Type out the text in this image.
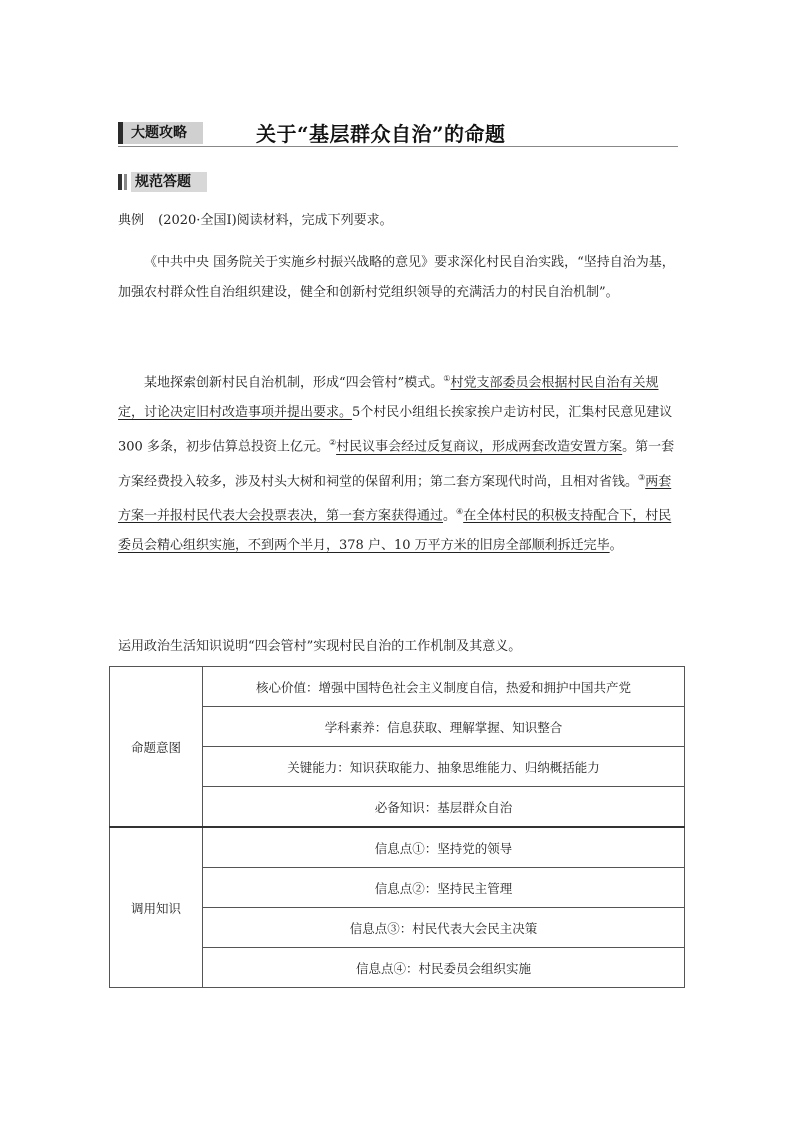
大题攻略	关于“基层群众自治”的命题
规范答题
典例 (2020·全国Ⅰ)阅读材料，完成下列要求。
《中共中央 国务院关于实施乡村振兴战略的意见》要求深化村民自治实践，“坚持自治为基，加强农村群众性自治组织建设，健全和创新村党组织领导的充满活力的村民自治机制”。
某地探索创新村民自治机制，形成“四会管村”模式。①村党支部委员会根据村民自治有关规定，讨论决定旧村改造事项并提出要求。5个村民小组组长挨家挨户走访村民，汇集村民意见建议 300 多条，初步估算总投资上亿元。②村民议事会经过反复商议，形成两套改造安置方案。第一套方案经费投入较多，涉及村头大树和祠堂的保留利用；第二套方案现代时尚，且相对省钱。③两套方案一并报村民代表大会投票表决，第一套方案获得通过。④在全体村民的积极支持配合下，村民委员会精心组织实施，不到两个半月，378 户、10 万平方米的旧房全部顺利拆迁完毕。
运用政治生活知识说明“四会管村”实现村民自治的工作机制及其意义。
命题意图	核心价值：增强中国特色社会主义制度自信，热爱和拥护中国共产党
	学科素养：信息获取、理解掌握、知识整合
	关键能力：知识获取能力、抽象思维能力、归纳概括能力
	必备知识：基层群众自治
调用知识	信息点①：坚持党的领导
	信息点②：坚持民主管理
	信息点③：村民代表大会民主决策
	信息点④：村民委员会组织实施
